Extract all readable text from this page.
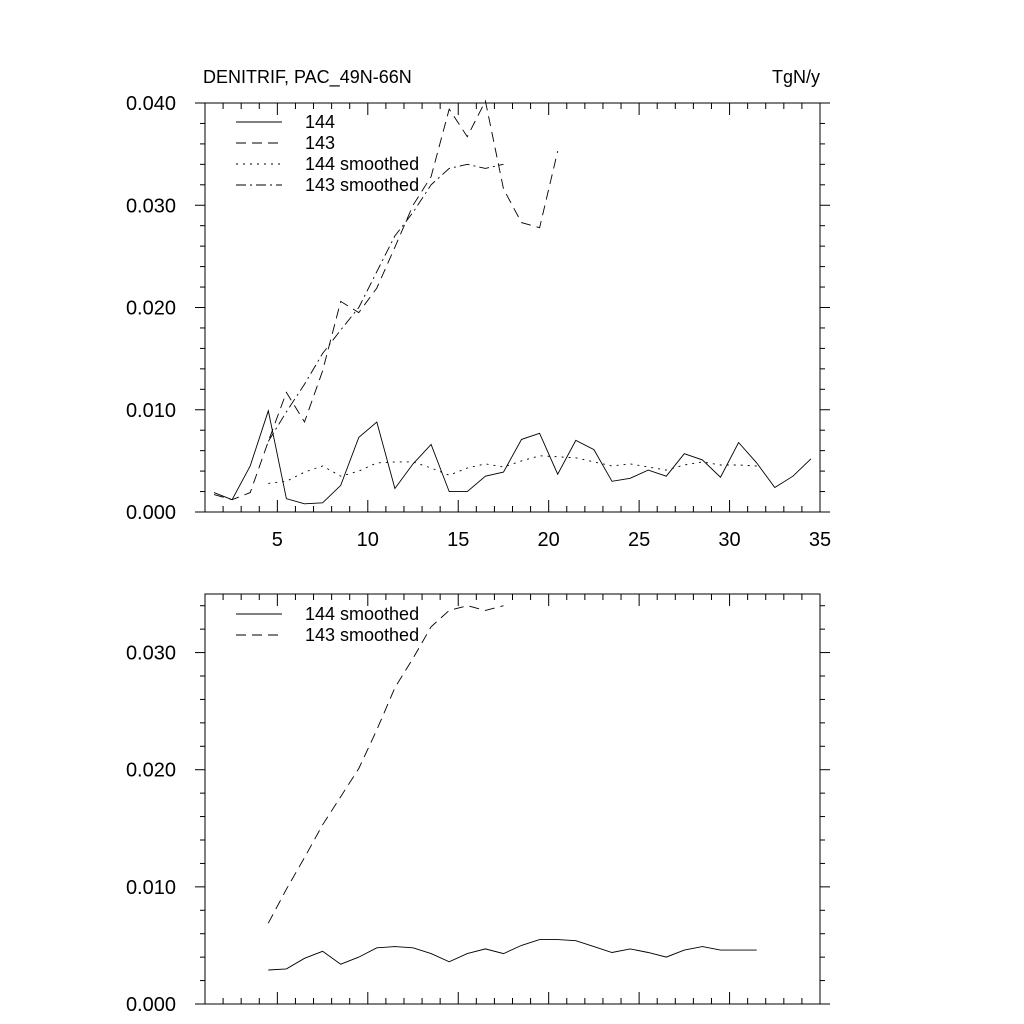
DENITRIF, PAC_49N-66N	TgN/y
144
143
144 smoothed
143 smoothed
5	10	15	20	25	30	35
0.000
0.010
0.020
0.030
0.040
144 smoothed
143 smoothed
0.000
0.010
0.020
0.030
